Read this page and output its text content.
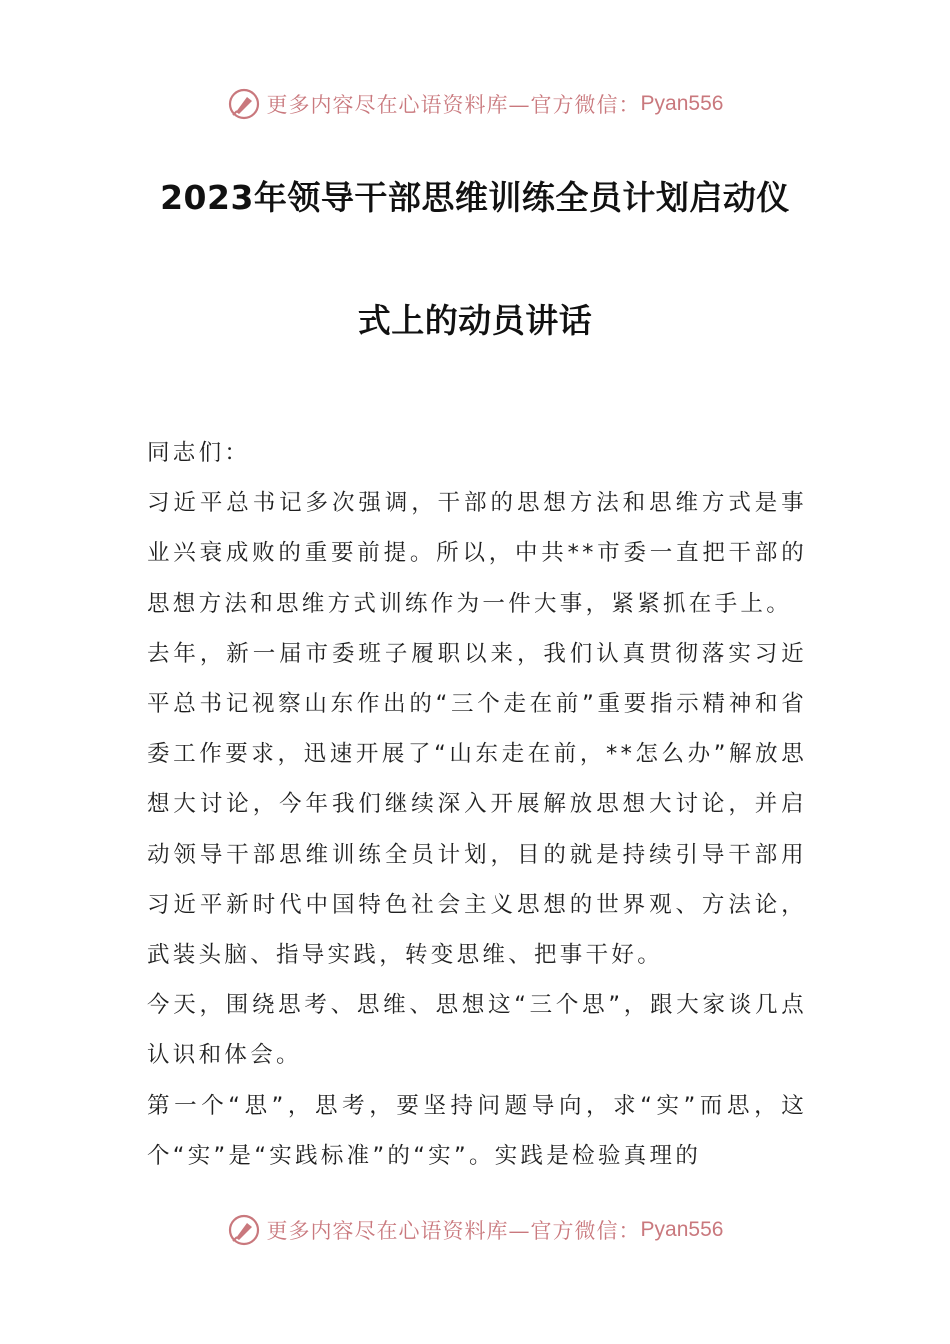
更多内容尽在心语资料库—官方微信： Pyan556
2023年领导干部思维训练全员计划启动仪
式上的动员讲话

同志们：

习近平总书记多次强调，干部的思想方法和思维方式是事业兴衰成败的重要前提。所以，中共**市委一直把干部的思想方法和思维方式训练作为一件大事，紧紧抓在手上。

去年，新一届市委班子履职以来，我们认真贯彻落实习近平总书记视察山东作出的“三个走在前”重要指示精神和省委工作要求，迅速开展了“山东走在前，**怎么办”解放思想大讨论，今年我们继续深入开展解放思想大讨论，并启动领导干部思维训练全员计划，目的就是持续引导干部用习近平新时代中国特色社会主义思想的世界观、方法论，武装头脑、指导实践，转变思维、把事干好。

今天，围绕思考、思维、思想这“三个思”，跟大家谈几点认识和体会。

第一个“思”，思考，要坚持问题导向，求“实”而思，这个“实”是“实践标准”的“实”。实践是检验真理的

更多内容尽在心语资料库—官方微信： Pyan556
